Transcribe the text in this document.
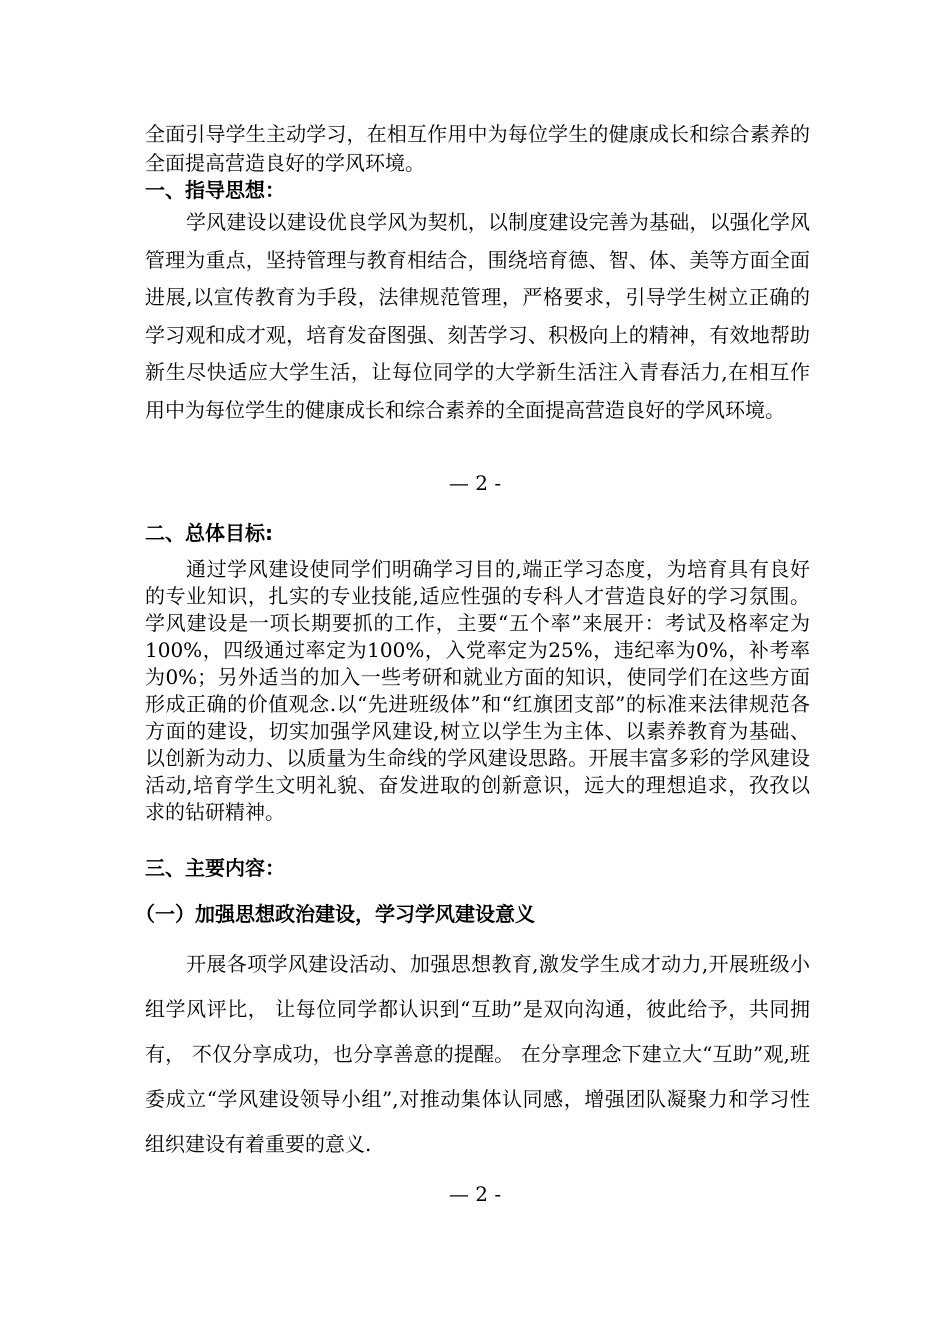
全面引导学生主动学习，在相互作用中为每位学生的健康成长和综合素养的全面提高营造良好的学风环境。

一、指导思想：

学风建设以建设优良学风为契机，以制度建设完善为基础，以强化学风管理为重点，坚持管理与教育相结合，围绕培育德、智、体、美等方面全面进展,以宣传教育为手段，法律规范管理，严格要求，引导学生树立正确的学习观和成才观，培育发奋图强、刻苦学习、积极向上的精神，有效地帮助新生尽快适应大学生活，让每位同学的大学新生活注入青春活力,在相互作用中为每位学生的健康成长和综合素养的全面提高营造良好的学风环境。

— 2 -
二、总体目标:

通过学风建设使同学们明确学习目的,端正学习态度，为培育具有良好的专业知识，扎实的专业技能,适应性强的专科人才营造良好的学习氛围。学风建设是一项长期要抓的工作，主要“五个率”来展开：考试及格率定为100%，四级通过率定为100%，入党率定为25%，违纪率为0%，补考率为0%；另外适当的加入一些考研和就业方面的知识，使同学们在这些方面形成正确的价值观念.以“先进班级体”和“红旗团支部”的标准来法律规范各方面的建设，切实加强学风建设,树立以学生为主体、以素养教育为基础、以创新为动力、以质量为生命线的学风建设思路。开展丰富多彩的学风建设活动,培育学生文明礼貌、奋发进取的创新意识，远大的理想追求，孜孜以求的钻研精神。

三、主要内容：
（一）加强思想政治建设，学习学风建设意义

开展各项学风建设活动、加强思想教育,激发学生成才动力,开展班级小组学风评比， 让每位同学都认识到“互助”是双向沟通，彼此给予，共同拥有， 不仅分享成功，也分享善意的提醒。 在分享理念下建立大“互助”观,班委成立“学风建设领导小组”,对推动集体认同感，增强团队凝聚力和学习性组织建设有着重要的意义.

— 2 -
